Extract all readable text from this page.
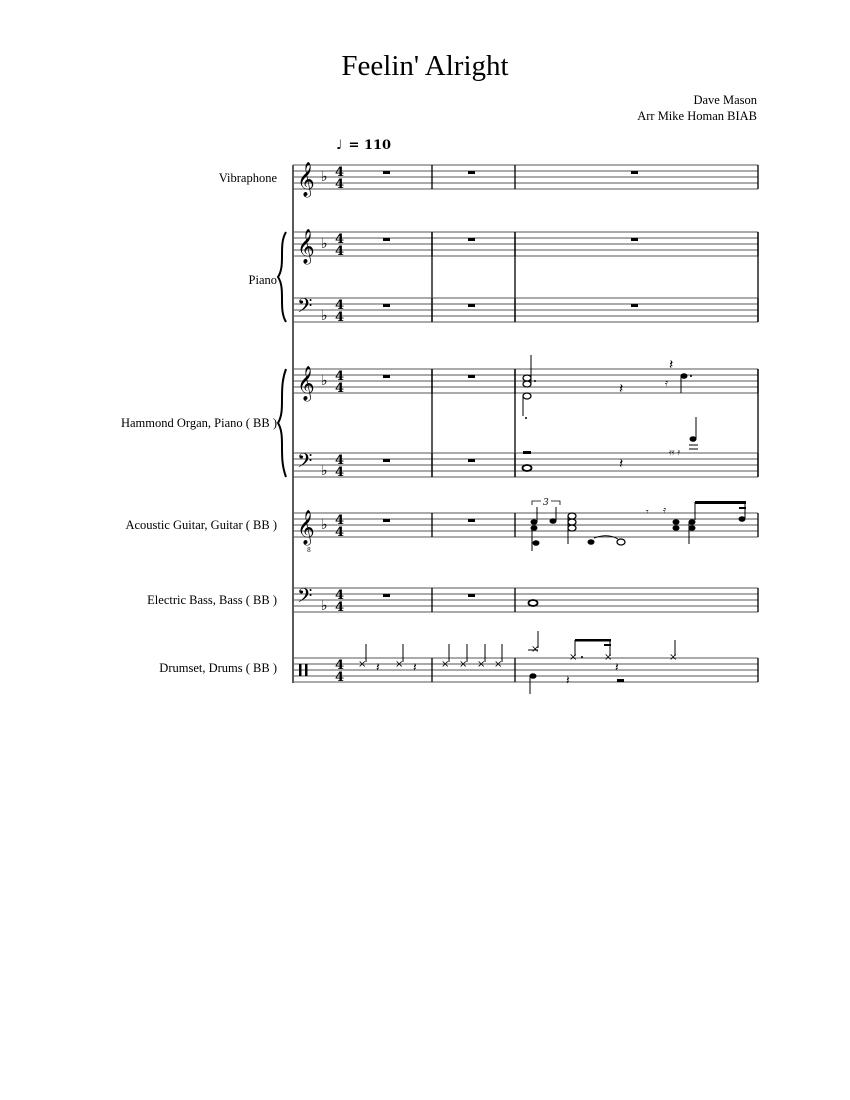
Feelin' Alright
Dave Mason
Arr Mike Homan BIAB
♩ = 110
Vibraphone
Piano
Hammond Organ, Piano ( BB )
Acoustic Guitar, Guitar ( BB )
Electric Bass, Bass ( BB )
Drumset, Drums ( BB )
4
4
𝄞 ♭
𝄞 ♭
𝄢 ♭
𝄞 ♭	𝄽
𝄽
𝄿
𝄢 ♭	𝄽
𝄿𝄿 𝄿
𝄞
8
♭
3
𝄾 𝄿
𝄢 ♭
× 𝄽 × 𝄽 × × × ×
×
×	×
𝄽
×
𝄽
